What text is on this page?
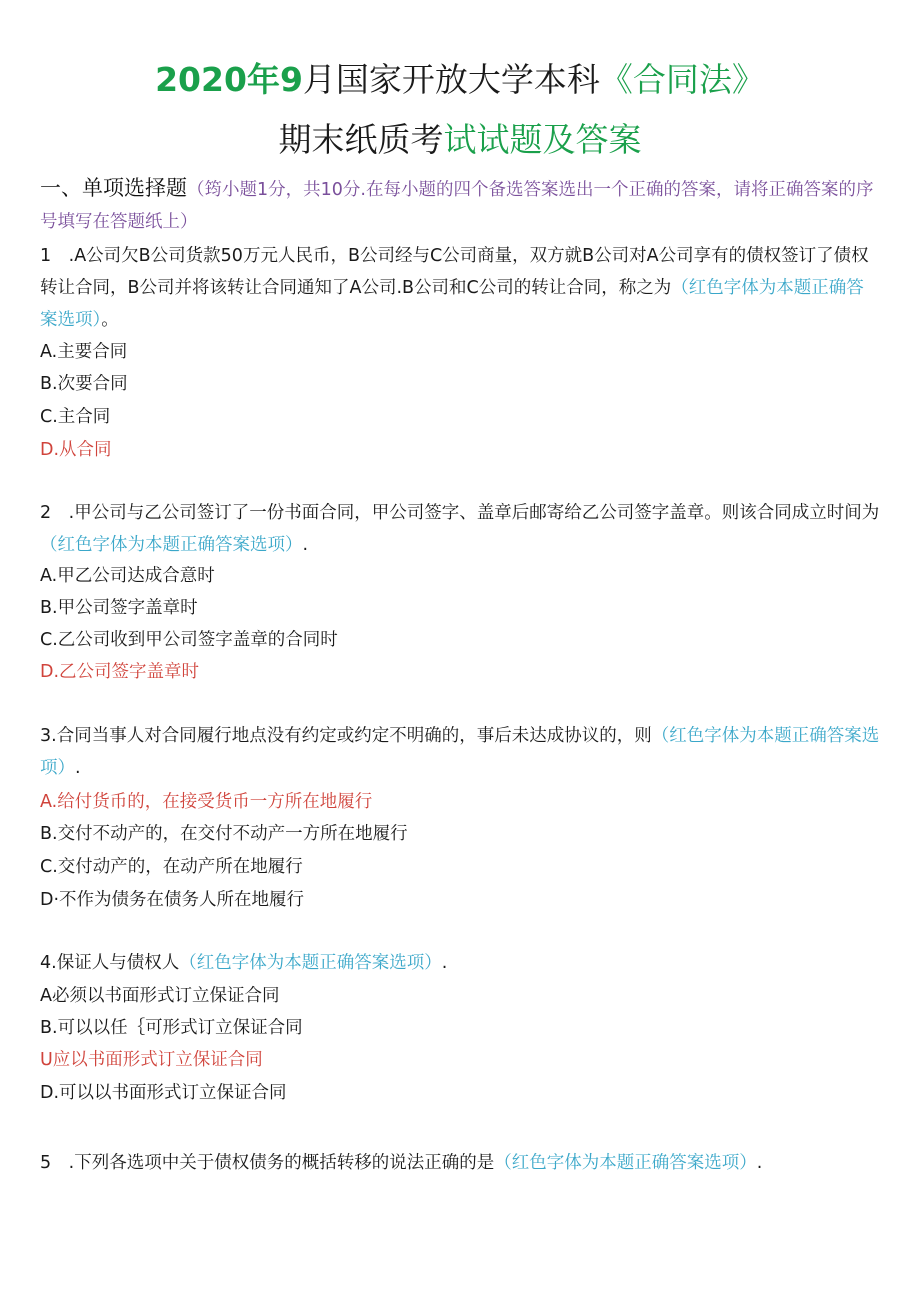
2020年9月国家开放大学本科《合同法》
期末纸质考试试题及答案
一、单项选择题（筠小题1分，共10分.在每小题的四个备选答案选出一个正确的答案，请将正确答案的序号填写在答题纸上）
1　.A公司欠B公司货款50万元人民币，B公司经与C公司商量，双方就B公司对A公司享有的债权签订了债权转让合同，B公司并将该转让合同通知了A公司.B公司和C公司的转让合同，称之为（红色字体为本题正确答案选项）。
A.主要合同
B.次要合同
C.主合同
D.从合同
2　.甲公司与乙公司签订了一份书面合同，甲公司签字、盖章后邮寄给乙公司签字盖章。则该合同成立时间为（红色字体为本题正确答案选项）.
A.甲乙公司达成合意时
B.甲公司签字盖章时
C.乙公司收到甲公司签字盖章的合同时
D.乙公司签字盖章时
3.合同当事人对合同履行地点没有约定或约定不明确的，事后未达成协议的，则（红色字体为本题正确答案选项）.
A.给付货币的，在接受货币一方所在地履行
B.交付不动产的，在交付不动产一方所在地履行
C.交付动产的，在动产所在地履行
D·不作为债务在债务人所在地履行
4.保证人与债权人（红色字体为本题正确答案选项）.
A必须以书面形式订立保证合同
B.可以以任｛可形式订立保证合同
U应以书面形式订立保证合同
D.可以以书面形式订立保证合同
5　.下列各选项中关于债权债务的概括转移的说法正确的是（红色字体为本题正确答案选项）.
